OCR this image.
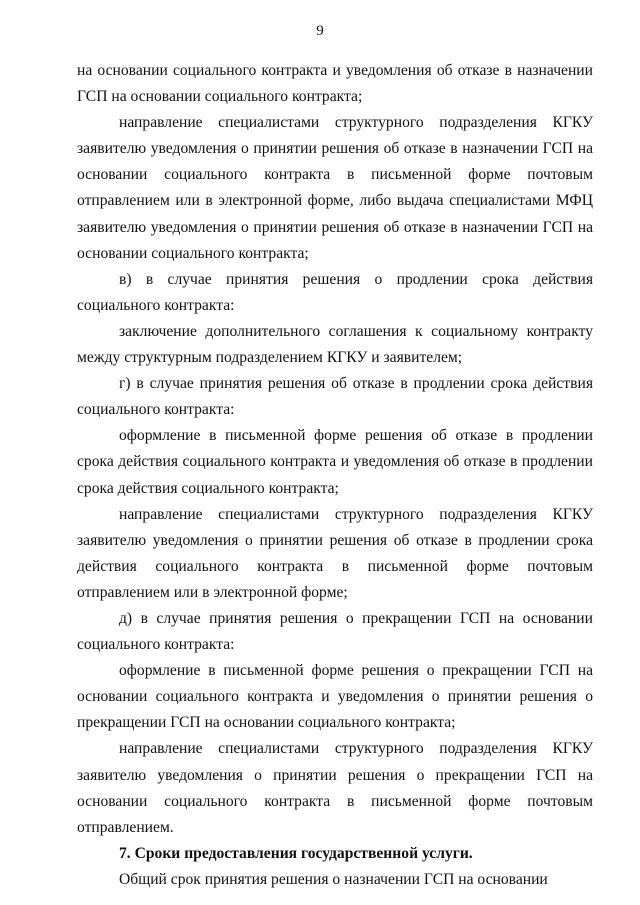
9

на основании социального контракта и уведомления об отказе в назначении ГСП на основании социального контракта;

направление специалистами структурного подразделения КГКУ заявителю уведомления о принятии решения об отказе в назначении ГСП на основании социального контракта в письменной форме почтовым отправлением или в электронной форме, либо выдача специалистами МФЦ заявителю уведомления о принятии решения об отказе в назначении ГСП на основании социального контракта;

в) в случае принятия решения о продлении срока действия социального контракта:

заключение дополнительного соглашения к социальному контракту между структурным подразделением КГКУ и заявителем;

г) в случае принятия решения об отказе в продлении срока действия социального контракта:

оформление в письменной форме решения об отказе в продлении срока действия социального контракта и уведомления об отказе в продлении срока действия социального контракта;

направление специалистами структурного подразделения КГКУ заявителю уведомления о принятии решения об отказе в продлении срока действия социального контракта в письменной форме почтовым отправлением или в электронной форме;

д) в случае принятия решения о прекращении ГСП на основании социального контракта:

оформление в письменной форме решения о прекращении ГСП на основании социального контракта и уведомления о принятии решения о прекращении ГСП на основании социального контракта;

направление специалистами структурного подразделения КГКУ заявителю уведомления о принятии решения о прекращении ГСП на основании социального контракта в письменной форме почтовым отправлением.

7. Сроки предоставления государственной услуги.

Общий срок принятия решения о назначении ГСП на основании
